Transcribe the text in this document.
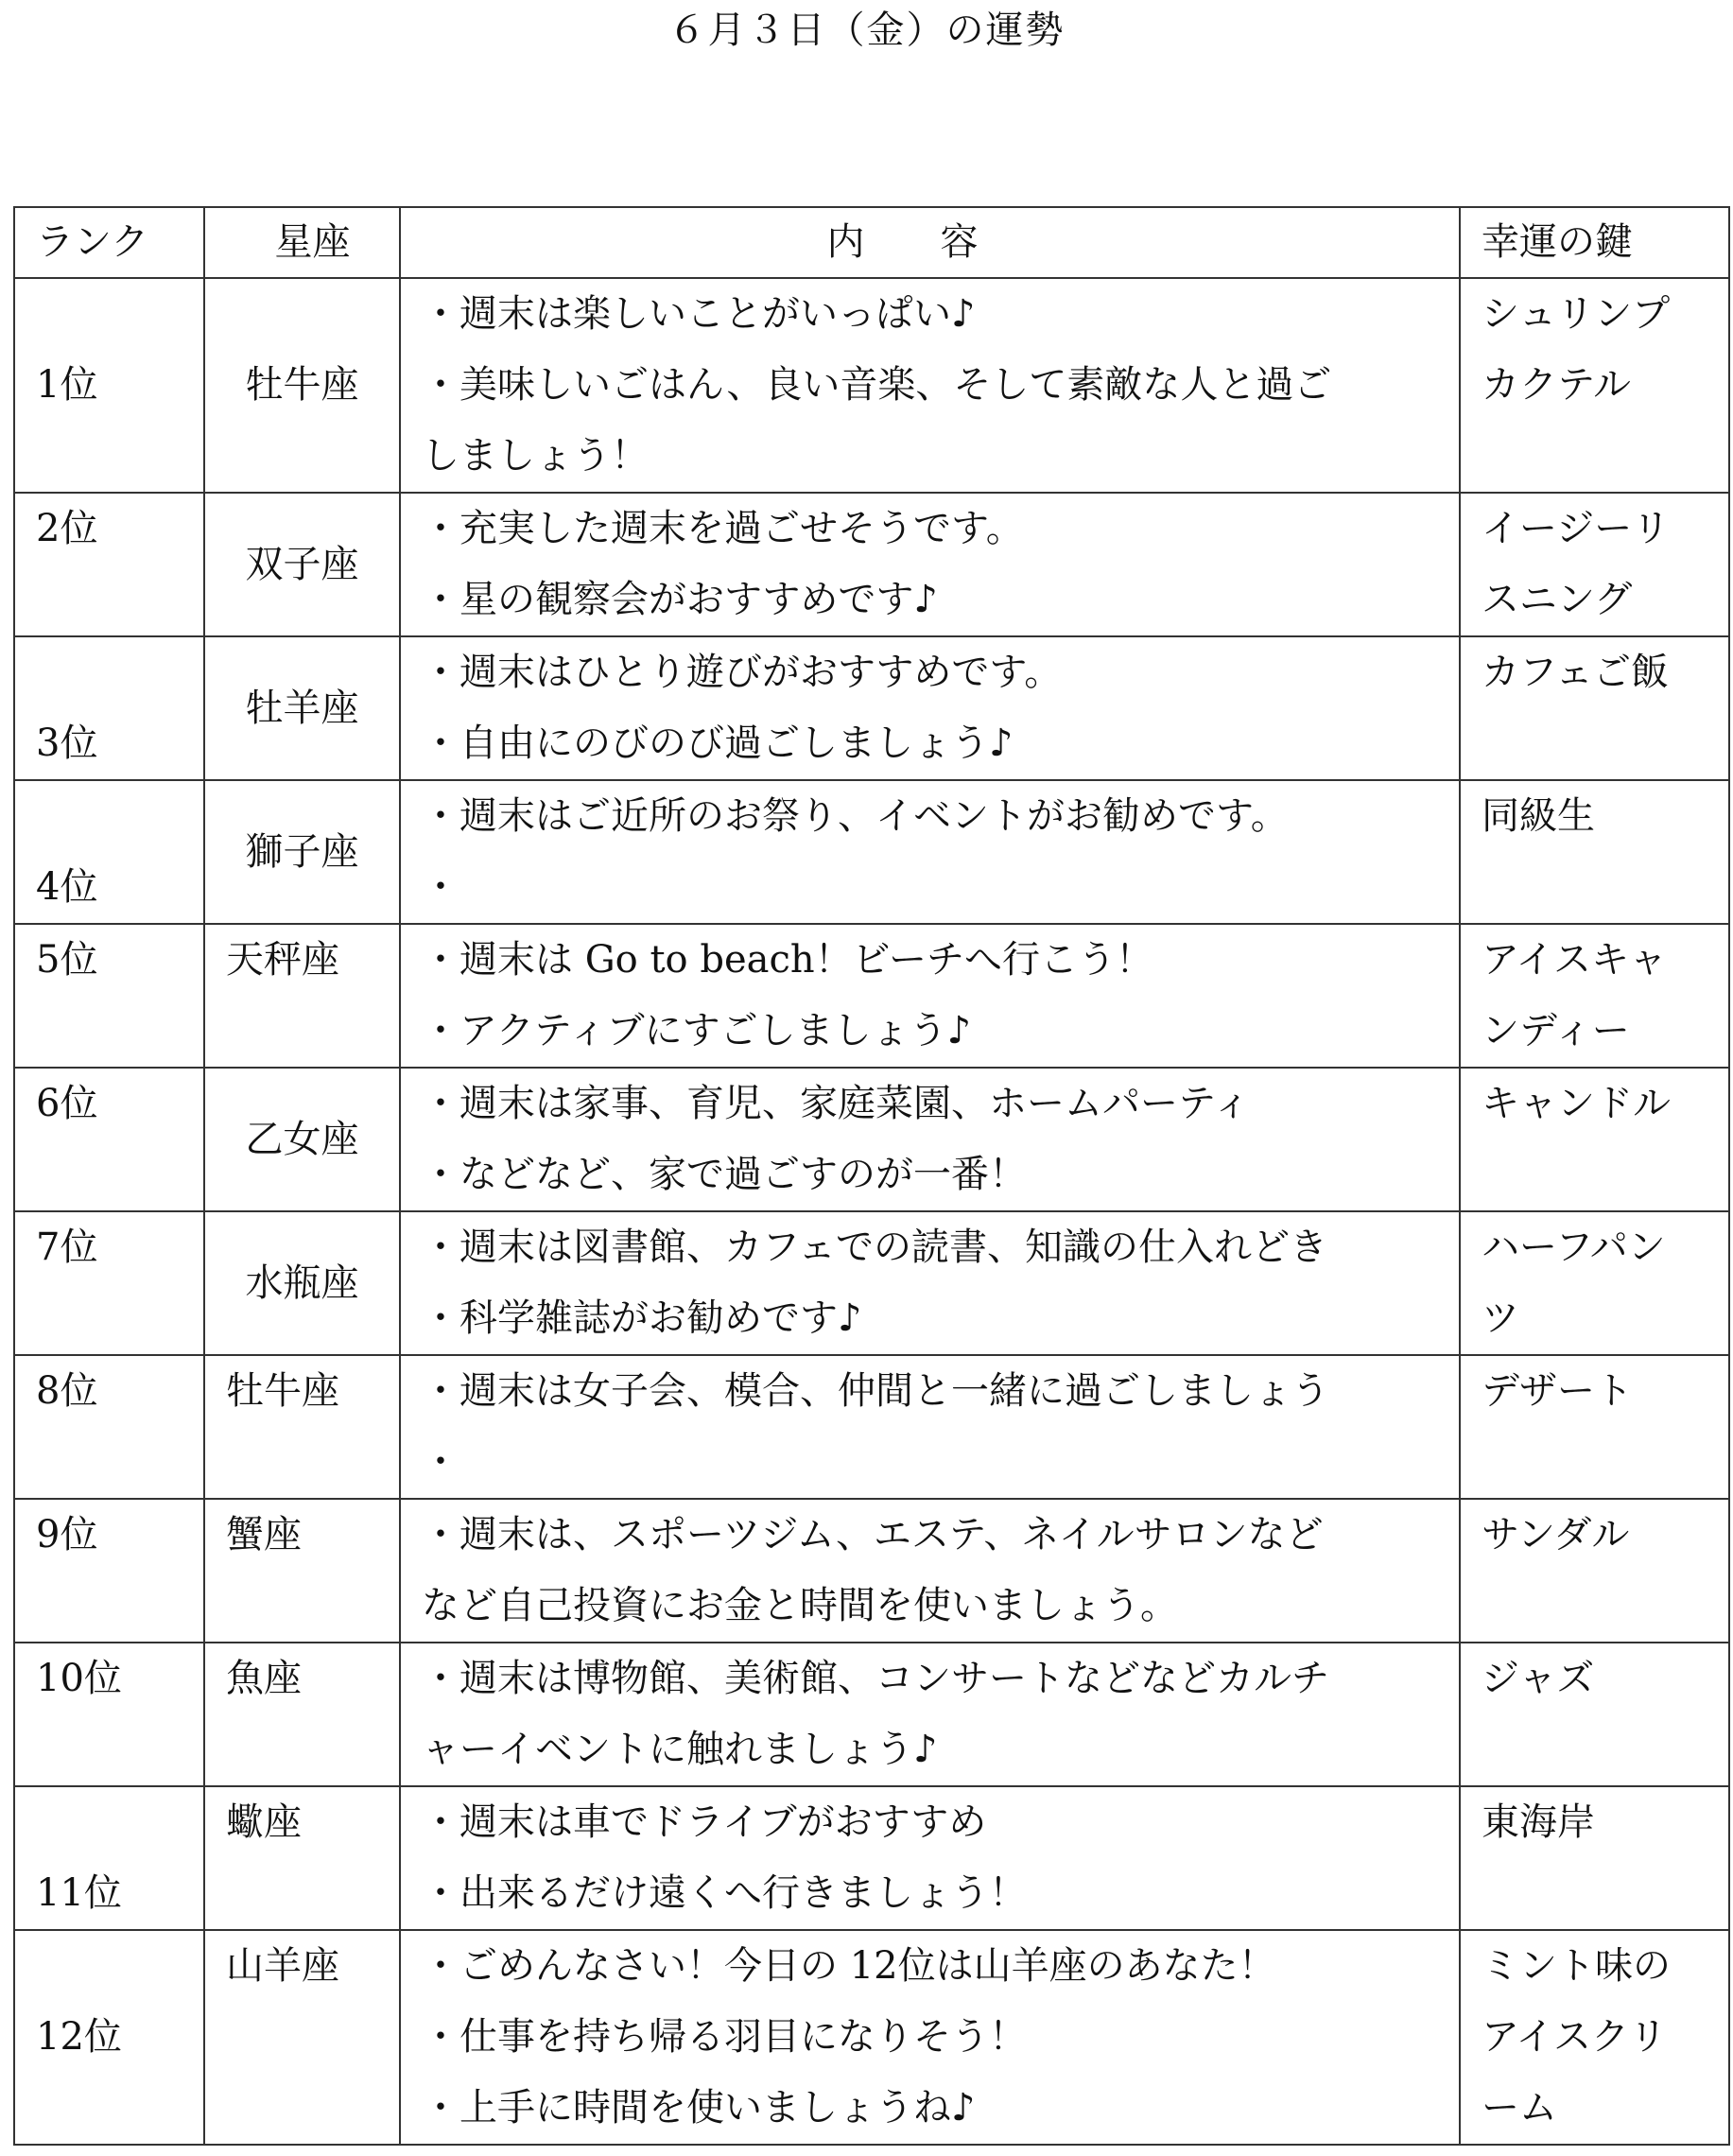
６月３日（金）の運勢
ランク	星座	内容	幸運の鍵
1位	牡牛座	・週末は楽しいことがいっぱい♪
・美味しいごはん、良い音楽、そして素敵な人と過ご
しましょう！	シュリンプ
カクテル

2位	双子座	・充実した週末を過ごせそうです。
・星の観察会がおすすめです♪	イージーリ
スニング

3位	牡羊座	・週末はひとり遊びがおすすめです。
・自由にのびのび過ごしましょう♪	カフェご飯

4位	獅子座	・週末はご近所のお祭り、イベントがお勧めです。
・	同級生

5位	天秤座	・週末は Go to beach！ビーチへ行こう！
・アクティブにすごしましょう♪	アイスキャ
ンディー

6位	乙女座	・週末は家事、育児、家庭菜園、ホームパーティ
・などなど、家で過ごすのが一番！	キャンドル

7位	水瓶座	・週末は図書館、カフェでの読書、知識の仕入れどき
・科学雑誌がお勧めです♪	ハーフパン
ツ

8位	牡牛座	・週末は女子会、模合、仲間と一緒に過ごしましょう
・	デザート

9位	蟹座	・週末は、スポーツジム、エステ、ネイルサロンなど
など自己投資にお金と時間を使いましょう。	サンダル

10位	魚座	・週末は博物館、美術館、コンサートなどなどカルチ
ャーイベントに触れましょう♪	ジャズ

11位	蠍座	・週末は車でドライブがおすすめ
・出来るだけ遠くへ行きましょう！	東海岸

12位	山羊座	・ごめんなさい！今日の 12位は山羊座のあなた！
・仕事を持ち帰る羽目になりそう！
・上手に時間を使いましょうね♪	ミント味の
アイスクリ
ーム
